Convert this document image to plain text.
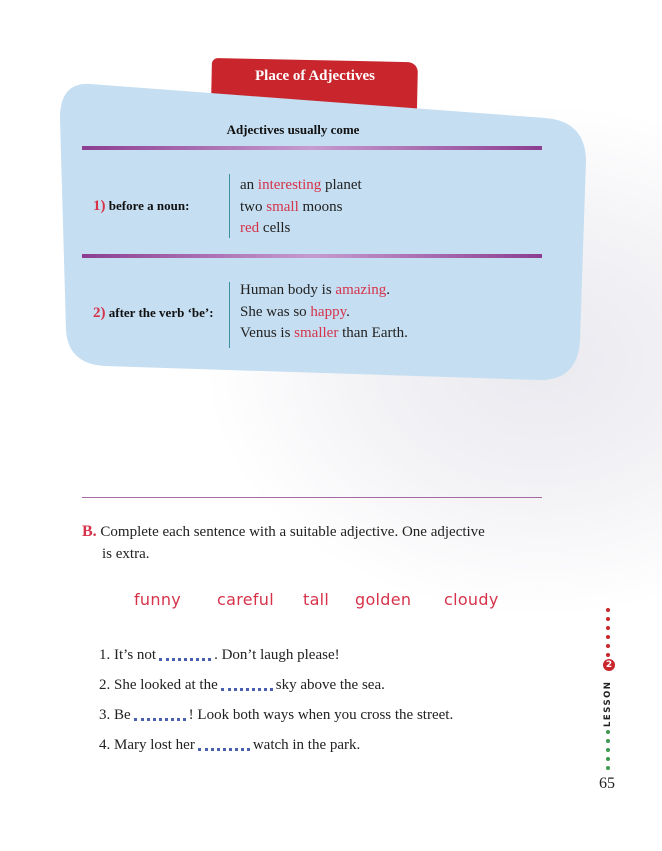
Place of Adjectives
Adjectives usually come
1) before a noun:
an interesting planet
two small moons
red cells
2) after the verb ‘be’:
Human body is amazing.
She was so happy.
Venus is smaller than Earth.
B. Complete each sentence with a suitable adjective. One adjective
is extra.
funny careful tall golden cloudy
1. It’s not	. Don’t laugh please!
2. She looked at the	sky above the sea.
3. Be	! Look both ways when you cross the street.
4. Mary lost her	watch in the park.
2
LESSON
65
